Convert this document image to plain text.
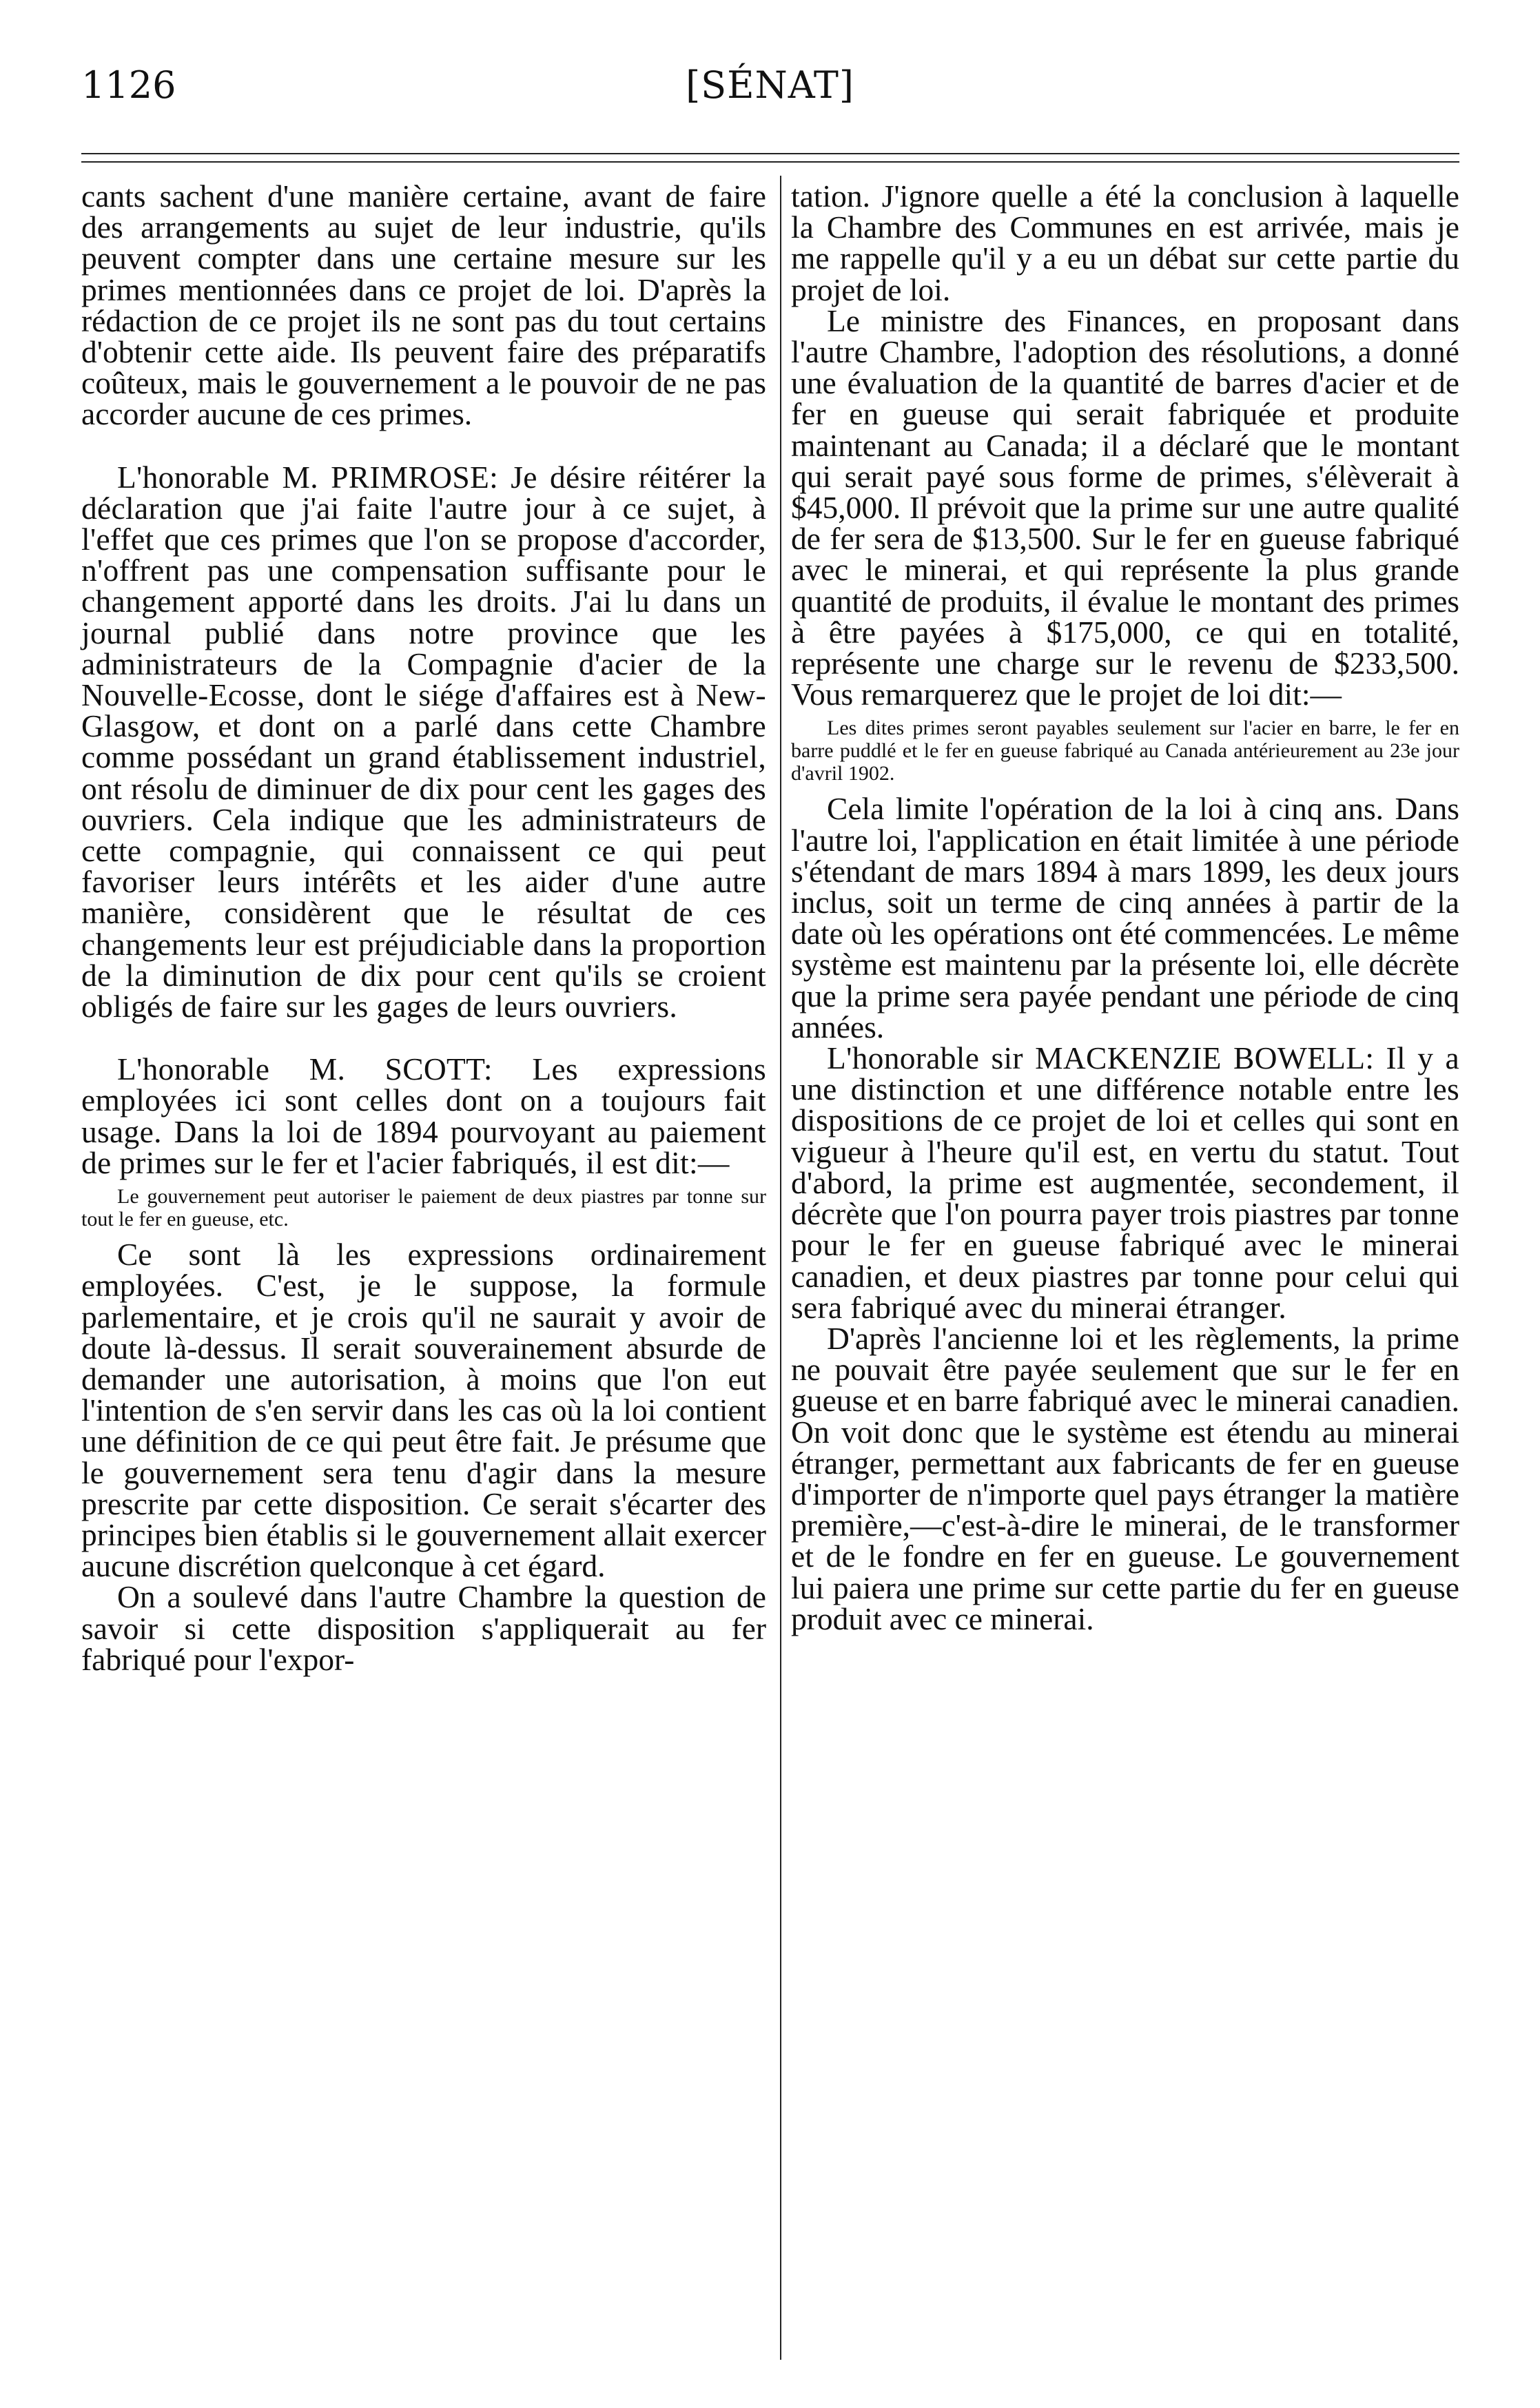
1126	[SÉNAT]

cants sachent d'une manière certaine, avant de faire des arrangements au sujet de leur industrie, qu'ils peuvent compter dans une certaine mesure sur les primes mentionnées dans ce projet de loi. D'après la rédaction de ce projet ils ne sont pas du tout certains d'obtenir cette aide. Ils peuvent faire des préparatifs coûteux, mais le gouvernement a le pouvoir de ne pas accorder aucune de ces primes.

L'honorable M. PRIMROSE: Je désire réitérer la déclaration que j'ai faite l'autre jour à ce sujet, à l'effet que ces primes que l'on se propose d'accorder, n'offrent pas une compensation suffisante pour le changement apporté dans les droits. J'ai lu dans un journal publié dans notre province que les administrateurs de la Compagnie d'acier de la Nouvelle-Ecosse, dont le siége d'affaires est à New-Glasgow, et dont on a parlé dans cette Chambre comme possédant un grand établissement industriel, ont résolu de diminuer de dix pour cent les gages des ouvriers. Cela indique que les administrateurs de cette compagnie, qui connaissent ce qui peut favoriser leurs intérêts et les aider d'une autre manière, considèrent que le résultat de ces changements leur est préjudiciable dans la proportion de la diminution de dix pour cent qu'ils se croient obligés de faire sur les gages de leurs ouvriers.

L'honorable M. SCOTT: Les expressions employées ici sont celles dont on a toujours fait usage. Dans la loi de 1894 pourvoyant au paiement de primes sur le fer et l'acier fabriqués, il est dit:—

Le gouvernement peut autoriser le paiement de deux piastres par tonne sur tout le fer en gueuse, etc.

Ce sont là les expressions ordinairement employées. C'est, je le suppose, la formule parlementaire, et je crois qu'il ne saurait y avoir de doute là-dessus. Il serait souverainement absurde de demander une autorisation, à moins que l'on eut l'intention de s'en servir dans les cas où la loi contient une définition de ce qui peut être fait. Je présume que le gouvernement sera tenu d'agir dans la mesure prescrite par cette disposition. Ce serait s'écarter des principes bien établis si le gouvernement allait exercer aucune discrétion quelconque à cet égard.

On a soulevé dans l'autre Chambre la question de savoir si cette disposition s'appliquerait au fer fabriqué pour l'expor-

tation. J'ignore quelle a été la conclusion à laquelle la Chambre des Communes en est arrivée, mais je me rappelle qu'il y a eu un débat sur cette partie du projet de loi.

Le ministre des Finances, en proposant dans l'autre Chambre, l'adoption des résolutions, a donné une évaluation de la quantité de barres d'acier et de fer en gueuse qui serait fabriquée et produite maintenant au Canada; il a déclaré que le montant qui serait payé sous forme de primes, s'élèverait à $45,000. Il prévoit que la prime sur une autre qualité de fer sera de $13,500. Sur le fer en gueuse fabriqué avec le minerai, et qui représente la plus grande quantité de produits, il évalue le montant des primes à être payées à $175,000, ce qui en totalité, représente une charge sur le revenu de $233,500. Vous remarquerez que le projet de loi dit:—

Les dites primes seront payables seulement sur l'acier en barre, le fer en barre puddlé et le fer en gueuse fabriqué au Canada antérieurement au 23e jour d'avril 1902.

Cela limite l'opération de la loi à cinq ans. Dans l'autre loi, l'application en était limitée à une période s'étendant de mars 1894 à mars 1899, les deux jours inclus, soit un terme de cinq années à partir de la date où les opérations ont été commencées. Le même système est maintenu par la présente loi, elle décrète que la prime sera payée pendant une période de cinq années.

L'honorable sir MACKENZIE BOWELL: Il y a une distinction et une différence notable entre les dispositions de ce projet de loi et celles qui sont en vigueur à l'heure qu'il est, en vertu du statut. Tout d'abord, la prime est augmentée, secondement, il décrète que l'on pourra payer trois piastres par tonne pour le fer en gueuse fabriqué avec le minerai canadien, et deux piastres par tonne pour celui qui sera fabriqué avec du minerai étranger.

D'après l'ancienne loi et les règlements, la prime ne pouvait être payée seulement que sur le fer en gueuse et en barre fabriqué avec le minerai canadien. On voit donc que le système est étendu au minerai étranger, permettant aux fabricants de fer en gueuse d'importer de n'importe quel pays étranger la matière première,—c'est-à-dire le minerai, de le transformer et de le fondre en fer en gueuse. Le gouvernement lui paiera une prime sur cette partie du fer en gueuse produit avec ce minerai.
